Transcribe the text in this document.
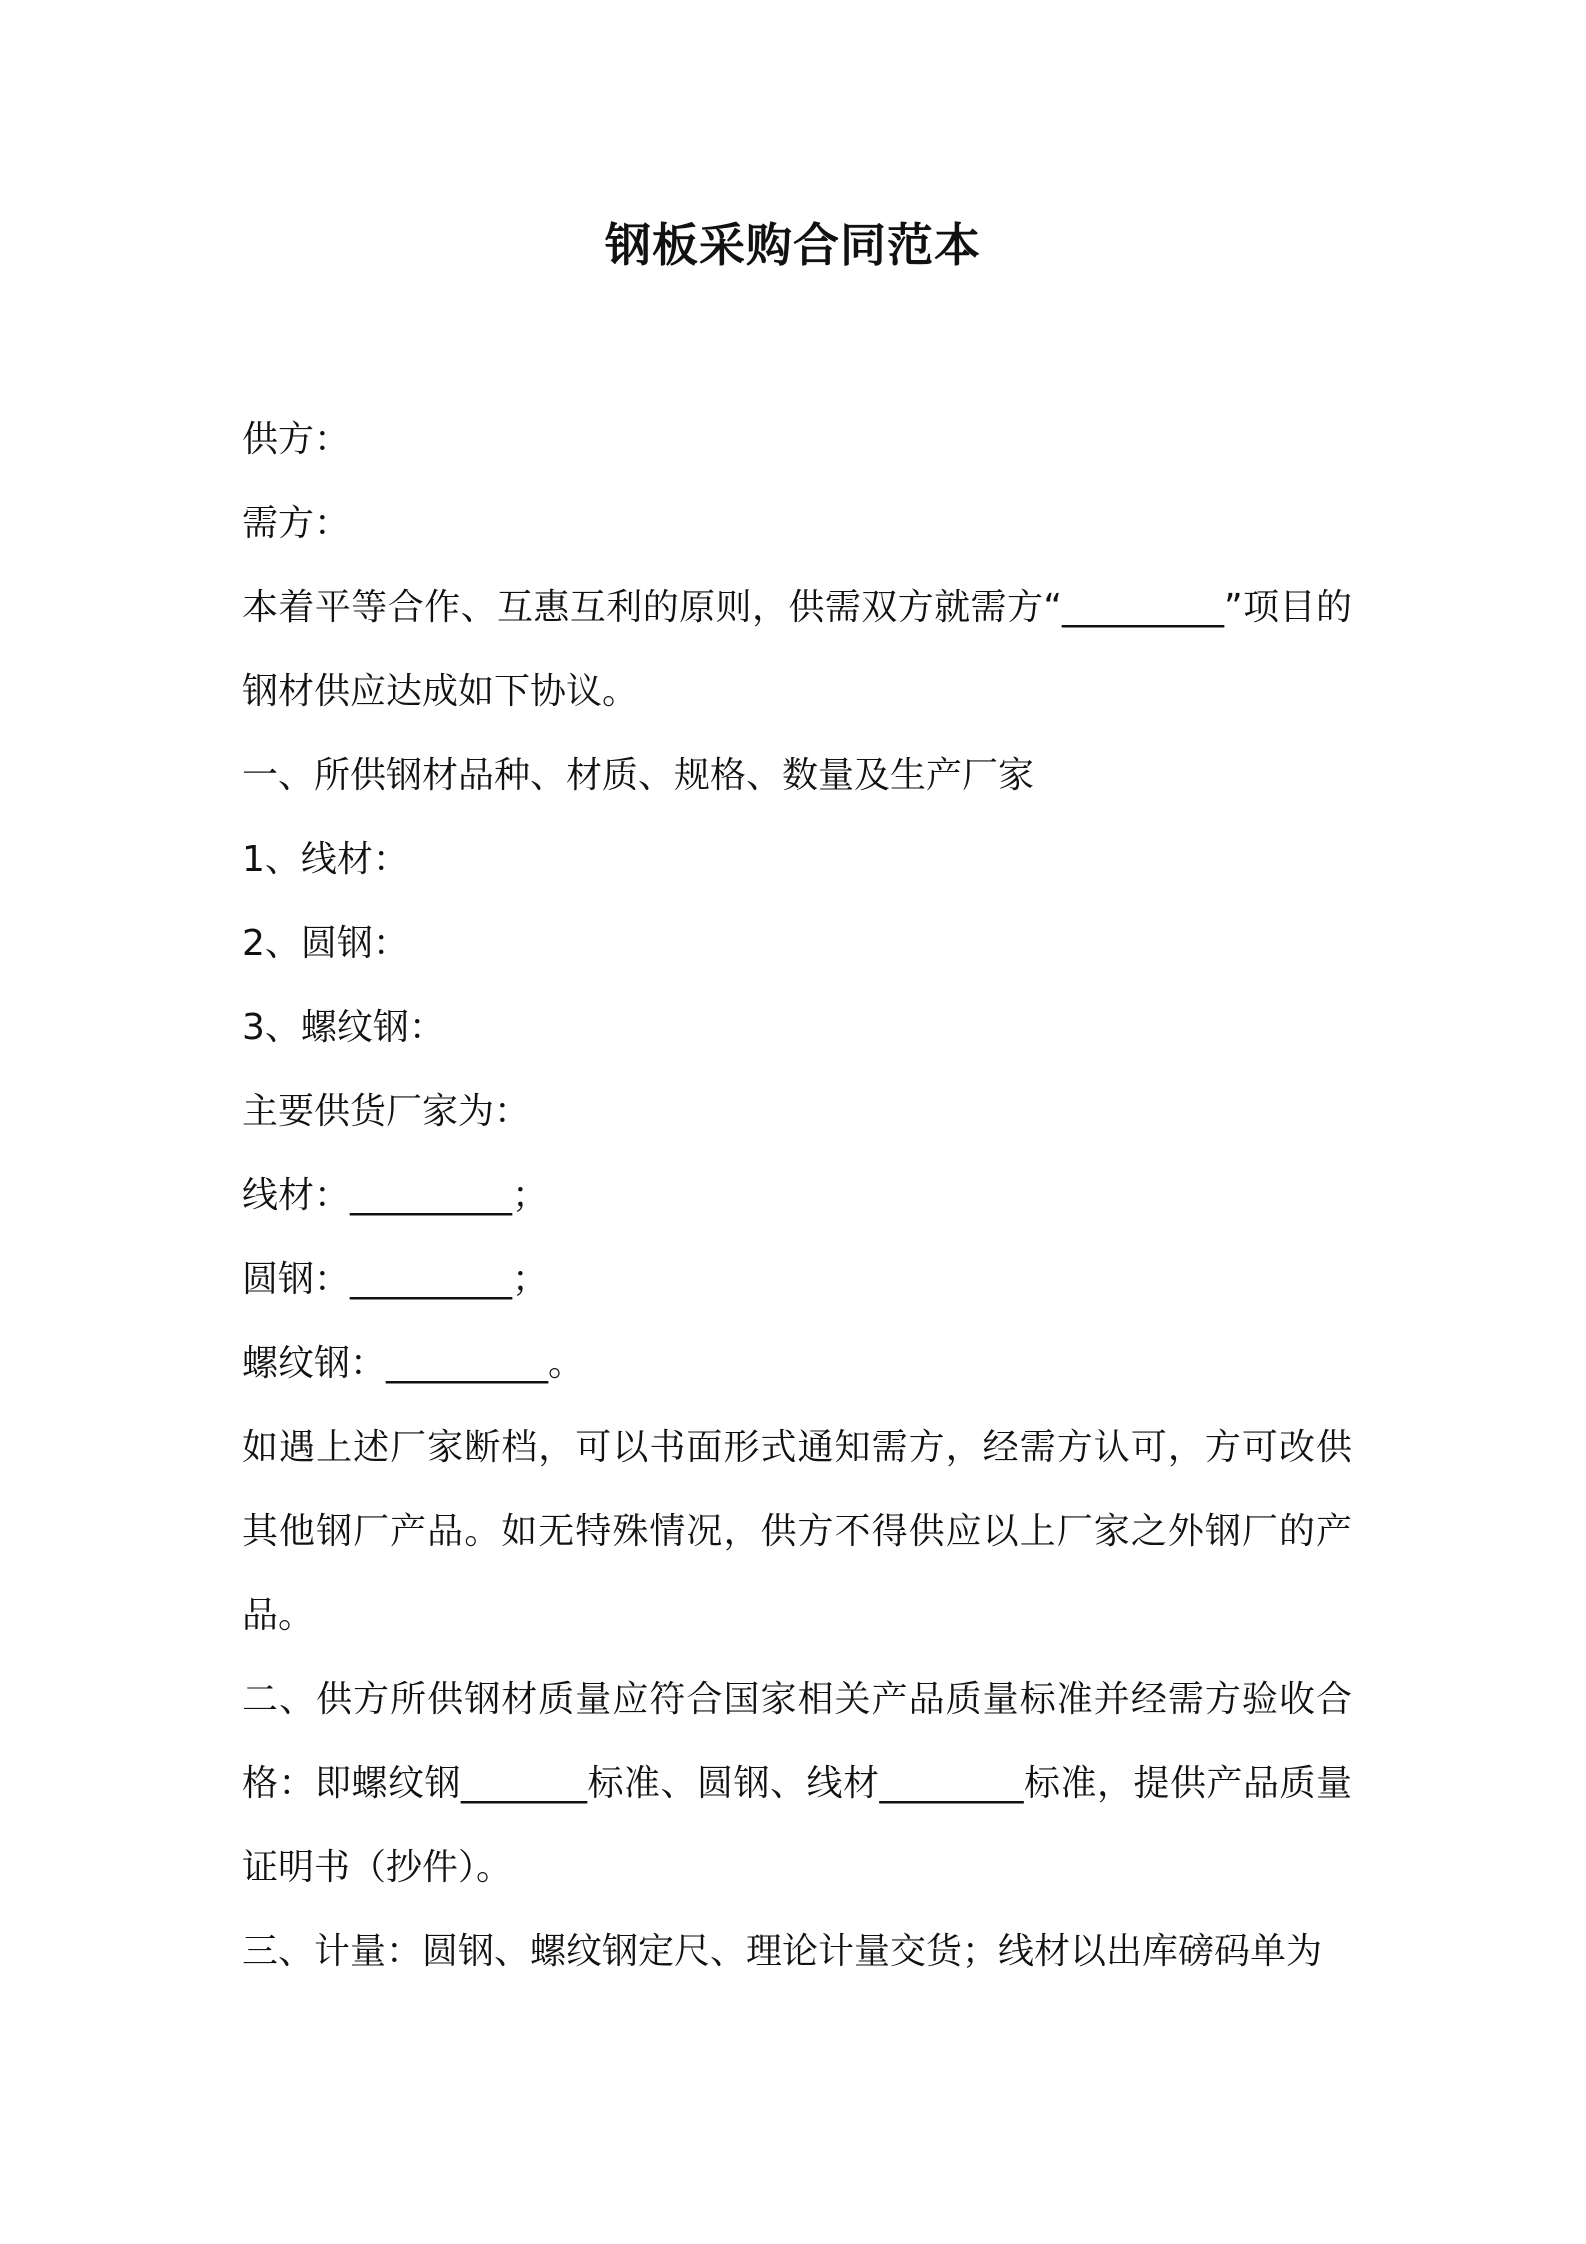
钢板采购合同范本
供方：
需方：
本着平等合作、互惠互利的原则，供需双方就需方“_________”项目的钢材供应达成如下协议。
一、所供钢材品种、材质、规格、数量及生产厂家
1、线材：
2、圆钢：
3、螺纹钢：
主要供货厂家为：
线材：_________；
圆钢：_________；
螺纹钢：_________。
如遇上述厂家断档，可以书面形式通知需方，经需方认可，方可改供其他钢厂产品。如无特殊情况，供方不得供应以上厂家之外钢厂的产品。
二、供方所供钢材质量应符合国家相关产品质量标准并经需方验收合格：即螺纹钢_______标准、圆钢、线材________标准，提供产品质量证明书（抄件）。
三、计量：圆钢、螺纹钢定尺、理论计量交货；线材以出库磅码单为
